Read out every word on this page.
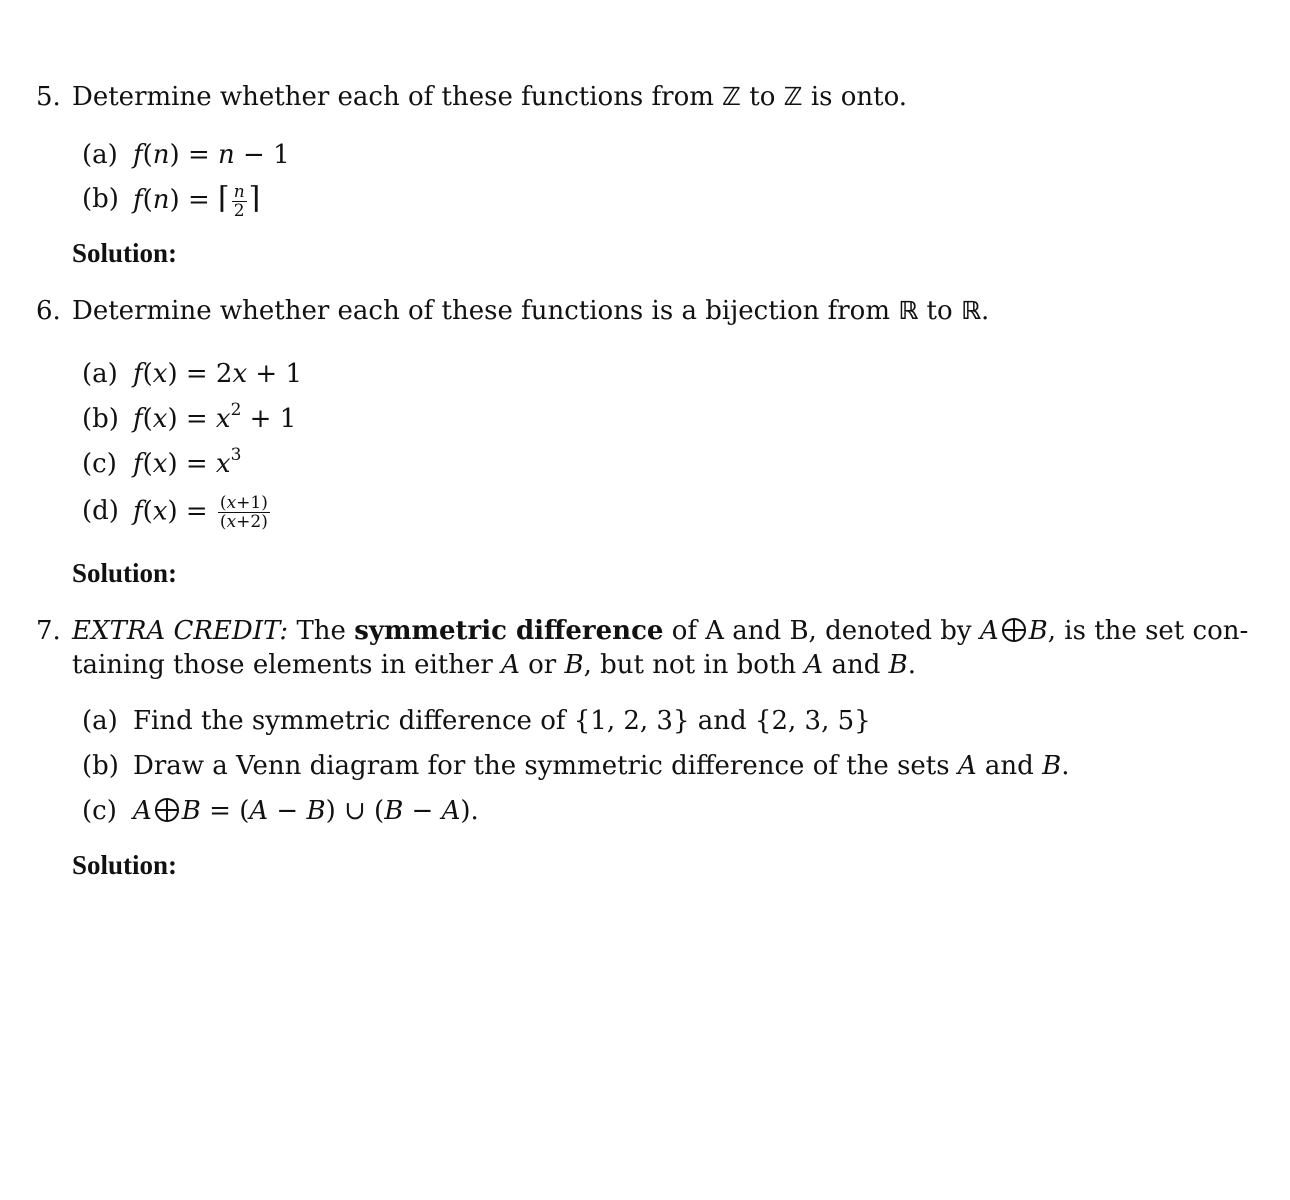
5. Determine whether each of these functions from ℤ to ℤ is onto.
(a) f(n) = n − 1
(b) f(n) = ⌈ $\frac{n}{2}$ ⌉
Solution:
6. Determine whether each of these functions is a bijection from ℝ to ℝ.
(a) f(x) = 2x + 1
(b) $f(x) = x^2 + 1$
(c) $f(x) = x^3$
(d) $f(x) = \frac{(x+1)}{(x+2)}$
Solution:
7. EXTRA CREDIT: The symmetric difference of A and B, denoted by A B, is the set con-
taining those elements in either A or B, but not in both A and B.
(a) Find the symmetric difference of {1, 2, 3} and {2, 3, 5}
(b) Draw a Venn diagram for the symmetric difference of the sets A and B.
(c) A B = (A − B) ∪ (B − A).
Solution:
